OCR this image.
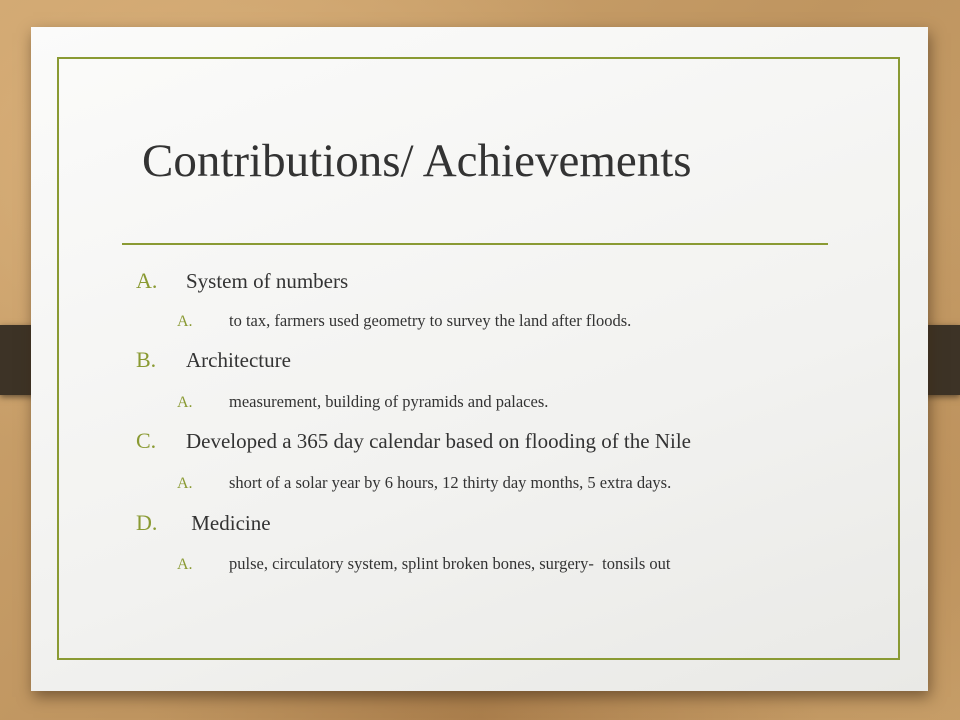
Contributions/ Achievements

A. System of numbers

A. to tax, farmers used geometry to survey the land after floods.

B. Architecture

A. measurement, building of pyramids and palaces.

C. Developed a 365 day calendar based on flooding of the Nile

A. short of a solar year by 6 hours, 12 thirty day months, 5 extra days.

D. Medicine

A. pulse, circulatory system, splint broken bones, surgery-  tonsils out
